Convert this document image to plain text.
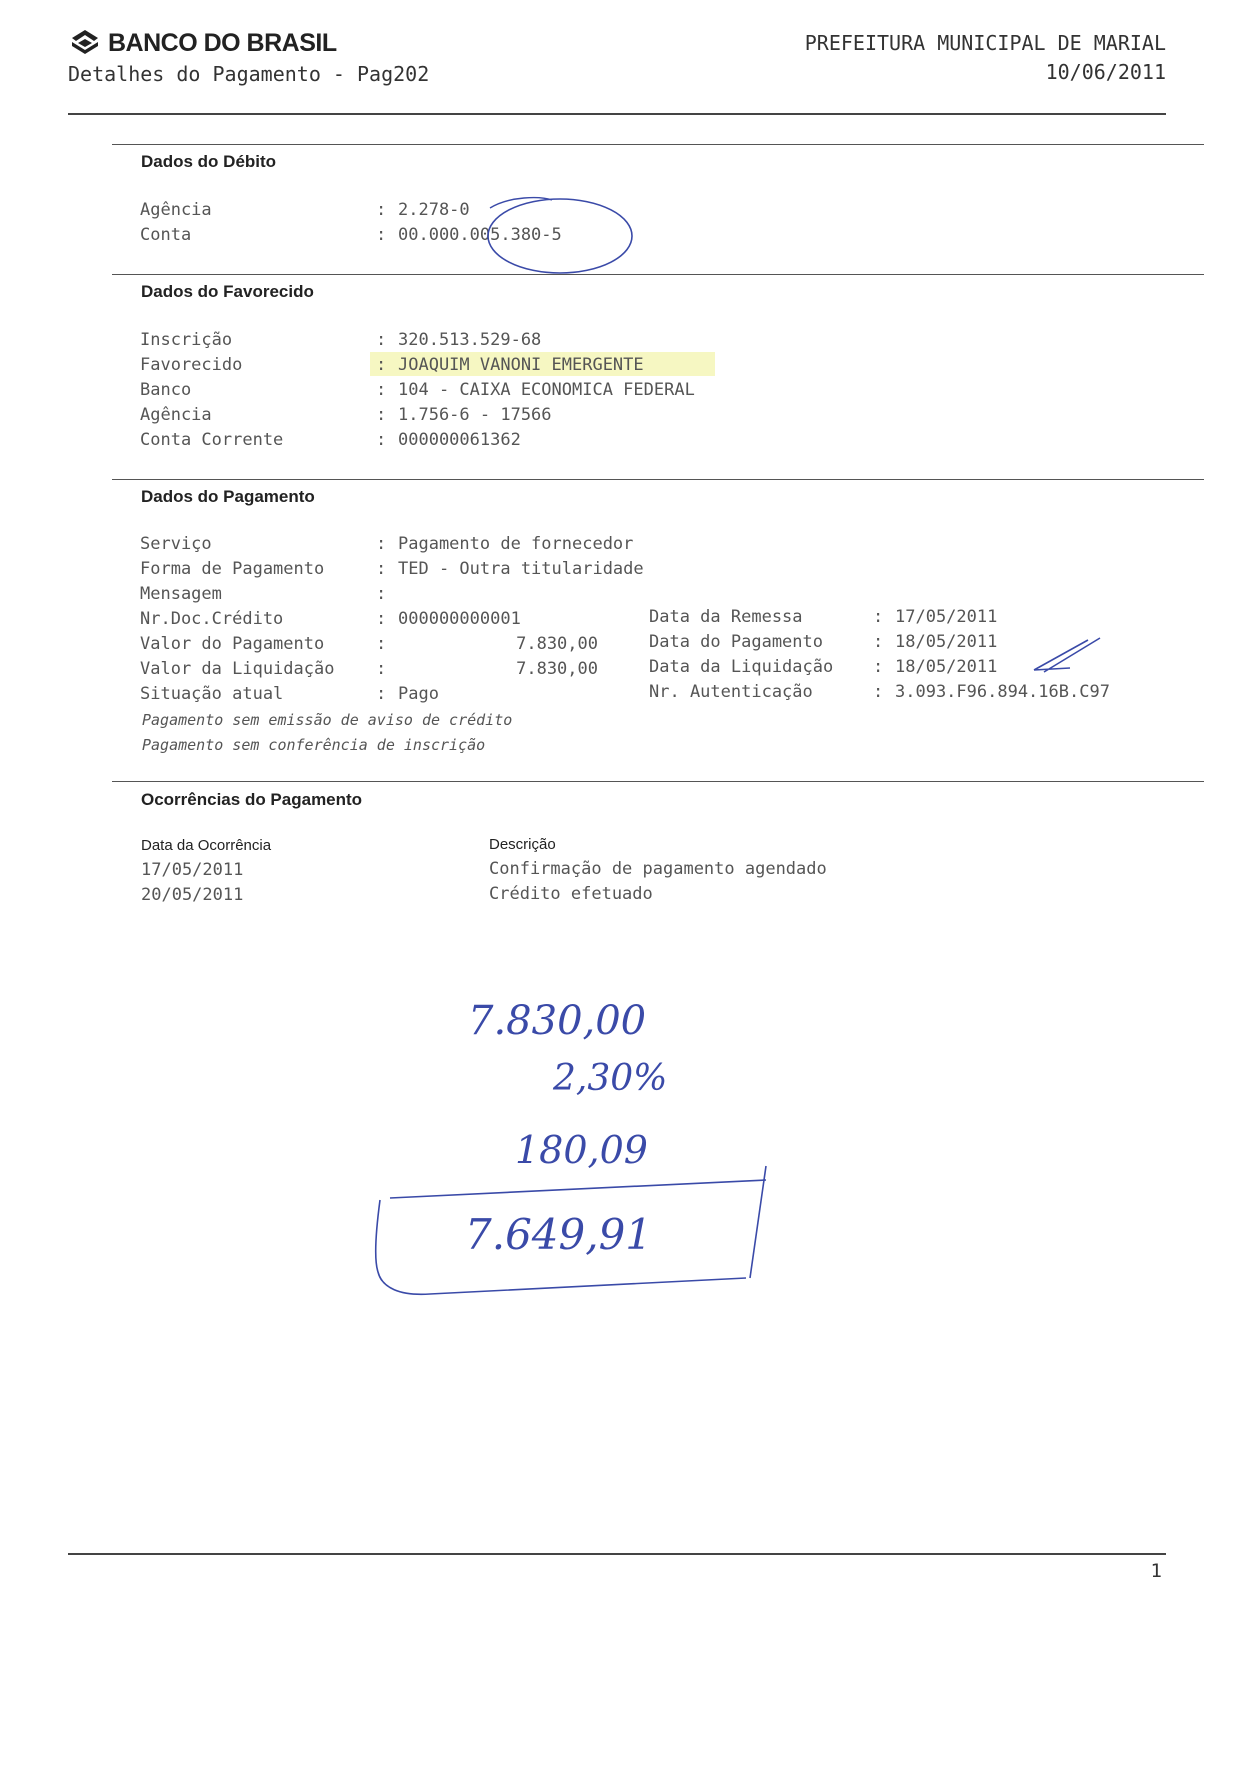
BANCO DO BRASIL
Detalhes do Pagamento - Pag202
PREFEITURA MUNICIPAL DE MARIAL
10/06/2011
Dados do Débito
Agência	: 2.278-0
Conta	: 00.000.005.380-5
Dados do Favorecido
Inscrição	: 320.513.529-68
Favorecido	: JOAQUIM VANONI EMERGENTE
Banco	: 104 - CAIXA ECONOMICA FEDERAL
Agência	: 1.756-6 - 17566
Conta Corrente	: 000000061362
Dados do Pagamento
Serviço	: Pagamento de fornecedor
Forma de Pagamento	: TED - Outra titularidade
Mensagem	:
Nr.Doc.Crédito	: 000000000001
Valor do Pagamento	:	7.830,00
Valor da Liquidação	:	7.830,00
Situação atual	: Pago
Data da Remessa	: 17/05/2011
Data do Pagamento	: 18/05/2011
Data da Liquidação	: 18/05/2011
Nr. Autenticação	: 3.093.F96.894.16B.C97
Pagamento sem emissão de aviso de crédito
Pagamento sem conferência de inscrição
Ocorrências do Pagamento
Data da Ocorrência	Descrição
17/05/2011	Confirmação de pagamento agendado
20/05/2011	Crédito efetuado
7.830,00
2,30%
180,09
7.649,91
1
